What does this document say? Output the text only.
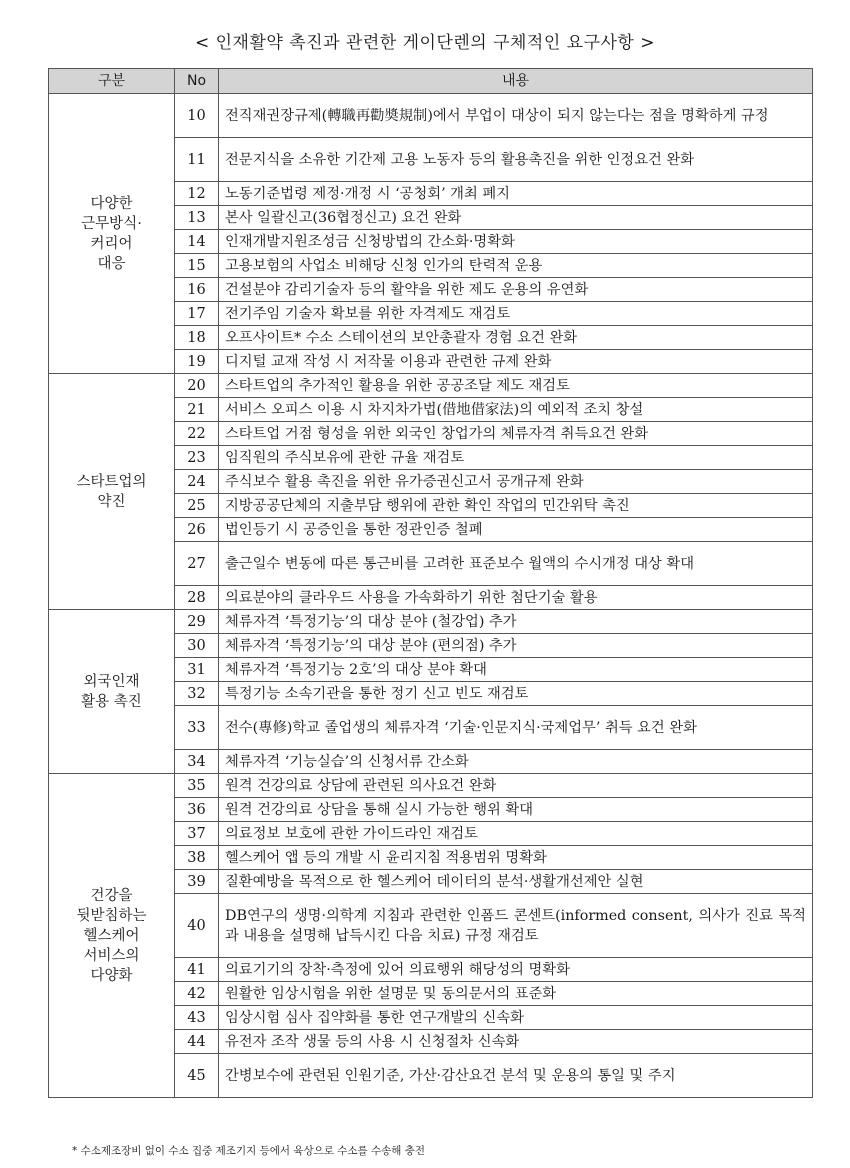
< 인재활약 촉진과 관련한 게이단렌의 구체적인 요구사항 >
구분	No	내용
다양한
근무방식·
커리어
대응	10	전직재권장규제(轉職再勸奬規制)에서 부업이 대상이 되지 않는다는 점을 명확하게 규정
	11	전문지식을 소유한 기간제 고용 노동자 등의 활용촉진을 위한 인정요건 완화
	12	노동기준법령 제정·개정 시 ‘공청회’ 개최 폐지
	13	본사 일괄신고(36협정신고) 요건 완화
	14	인재개발지원조성금 신청방법의 간소화·명확화
	15	고용보험의 사업소 비해당 신청 인가의 탄력적 운용
	16	건설분야 감리기술자 등의 활약을 위한 제도 운용의 유연화
	17	전기주임 기술자 확보를 위한 자격제도 재검토
	18	오프사이트* 수소 스테이션의 보안총괄자 경험 요건 완화
	19	디지털 교재 작성 시 저작물 이용과 관련한 규제 완화
스타트업의
약진	20	스타트업의 추가적인 활용을 위한 공공조달 제도 재검토
	21	서비스 오피스 이용 시 차지차가법(借地借家法)의 예외적 조치 창설
	22	스타트업 거점 형성을 위한 외국인 창업가의 체류자격 취득요건 완화
	23	임직원의 주식보유에 관한 규율 재검토
	24	주식보수 활용 촉진을 위한 유가증권신고서 공개규제 완화
	25	지방공공단체의 지출부담 행위에 관한 확인 작업의 민간위탁 촉진
	26	법인등기 시 공증인을 통한 정관인증 철폐
	27	출근일수 변동에 따른 통근비를 고려한 표준보수 월액의 수시개정 대상 확대
	28	의료분야의 클라우드 사용을 가속화하기 위한 첨단기술 활용
외국인재
활용 촉진	29	체류자격 ‘특정기능’의 대상 분야 (철강업) 추가
	30	체류자격 ‘특정기능’의 대상 분야 (편의점) 추가
	31	체류자격 ‘특정기능 2호’의 대상 분야 확대
	32	특정기능 소속기관을 통한 정기 신고 빈도 재검토
	33	전수(專修)학교 졸업생의 체류자격 ‘기술·인문지식·국제업무’ 취득 요건 완화
	34	체류자격 ‘기능실습’의 신청서류 간소화
건강을
뒷받침하는
헬스케어
서비스의
다양화	35	원격 건강의료 상담에 관련된 의사요건 완화
	36	원격 건강의료 상담을 통해 실시 가능한 행위 확대
	37	의료정보 보호에 관한 가이드라인 재검토
	38	헬스케어 앱 등의 개발 시 윤리지침 적용범위 명확화
	39	질환예방을 목적으로 한 헬스케어 데이터의 분석·생활개선제안 실현
	40	DB연구의 생명·의학계 지침과 관련한 인폼드 콘센트(informed consent, 의사가 진료 목적과 내용을 설명해 납득시킨 다음 치료) 규정 재검토
	41	의료기기의 장착·측정에 있어 의료행위 해당성의 명확화
	42	원활한 임상시험을 위한 설명문 및 동의문서의 표준화
	43	임상시험 심사 집약화를 통한 연구개발의 신속화
	44	유전자 조작 생물 등의 사용 시 신청절차 신속화
	45	간병보수에 관련된 인원기준, 가산·감산요건 분석 및 운용의 통일 및 주지
* 수소제조장비 없이 수소 집중 제조기지 등에서 육상으로 수소를 수송해 충전
